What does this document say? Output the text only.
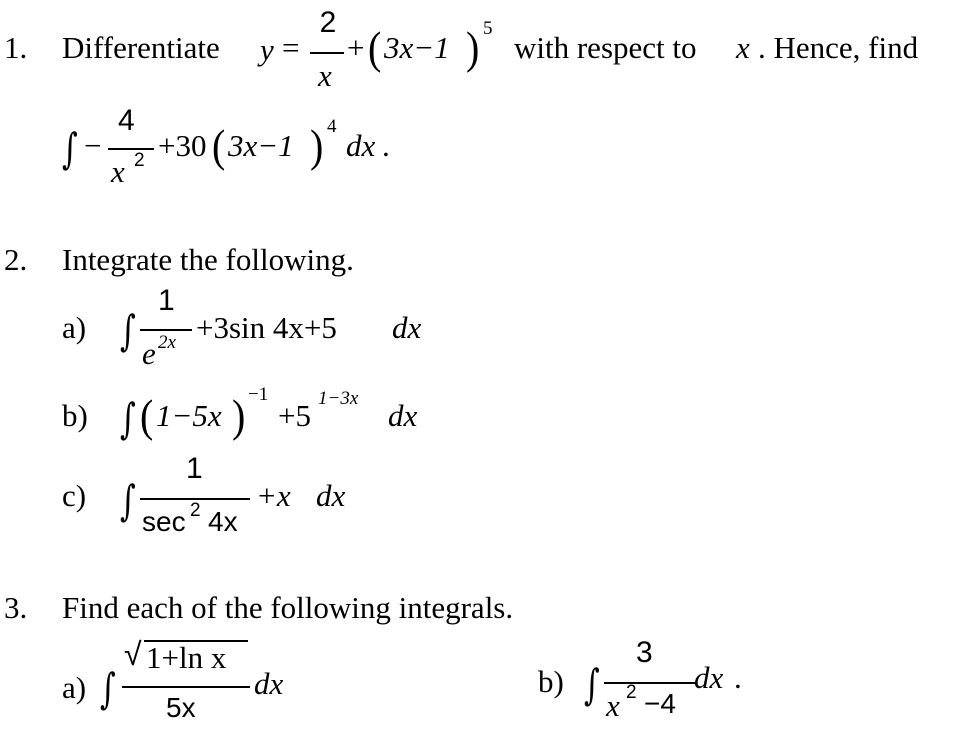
1. Differentiate y =
2
x
+ ( 3x−1 ) 5
with respect to x . Hence, find
∫ −
4
x 2 +30 ( 3x−1 ) 4
dx .
2. Integrate the following.
a) ∫
1
e 2x +3sin 4x+5 dx
b) ∫ ( 1−5x ) −1
+5 1−3x dx
c) ∫
1
sec 2 4x
+x dx
3. Find each of the following integrals.
a) ∫
√ 1+ln x
5x
dx	b) ∫
3
x 2 −4
dx .
